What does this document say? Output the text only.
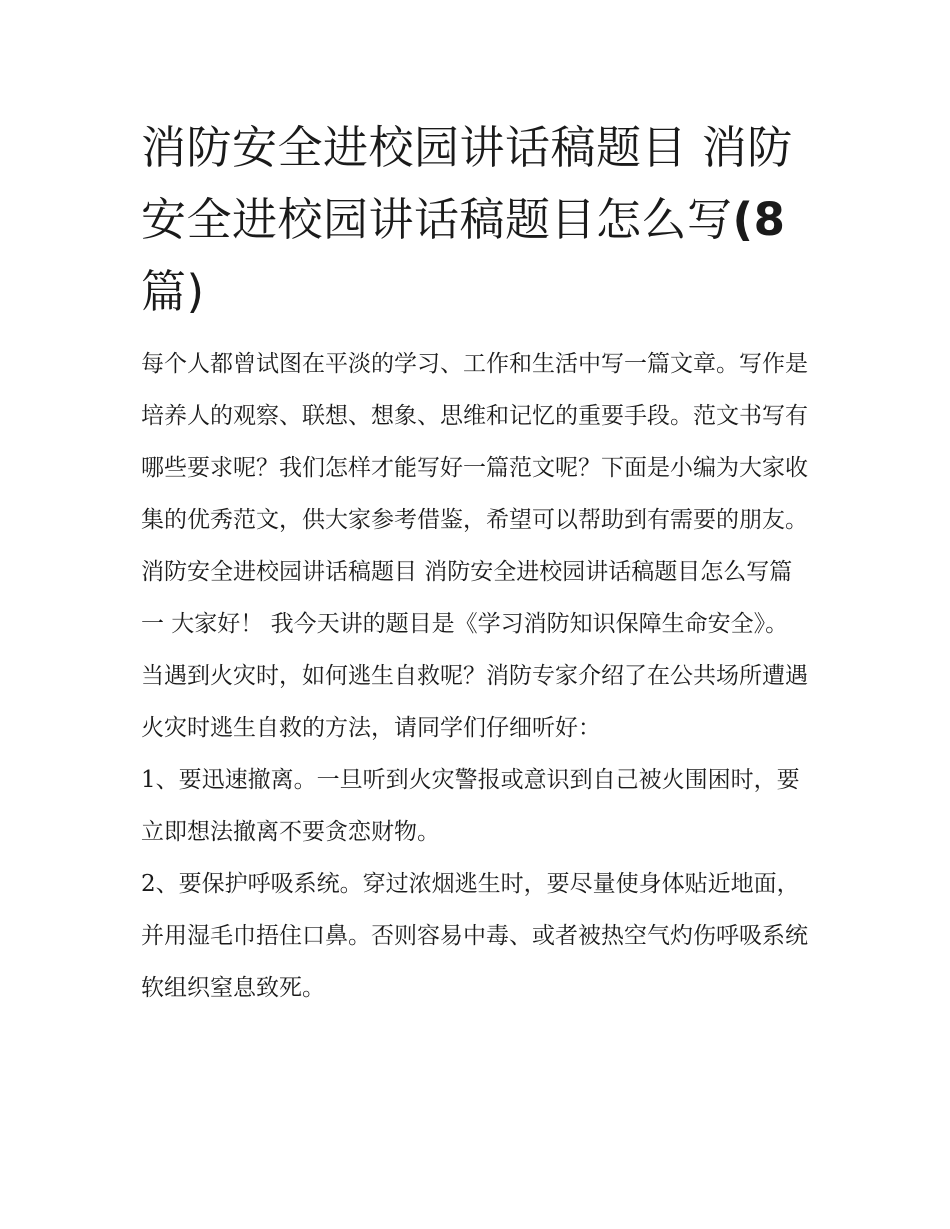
消防安全进校园讲话稿题目 消防安全进校园讲话稿题目怎么写(8 篇)

每个人都曾试图在平淡的学习、工作和生活中写一篇文章。写作是培养人的观察、联想、想象、思维和记忆的重要手段。范文书写有哪些要求呢？我们怎样才能写好一篇范文呢？下面是小编为大家收集的优秀范文，供大家参考借鉴，希望可以帮助到有需要的朋友。

消防安全进校园讲话稿题目 消防安全进校园讲话稿题目怎么写篇一 大家好！ 我今天讲的题目是《学习消防知识保障生命安全》。

当遇到火灾时，如何逃生自救呢？消防专家介绍了在公共场所遭遇火灾时逃生自救的方法，请同学们仔细听好：

1、要迅速撤离。一旦听到火灾警报或意识到自己被火围困时，要立即想法撤离不要贪恋财物。

2、要保护呼吸系统。穿过浓烟逃生时，要尽量使身体贴近地面，并用湿毛巾捂住口鼻。否则容易中毒、或者被热空气灼伤呼吸系统软组织窒息致死。
